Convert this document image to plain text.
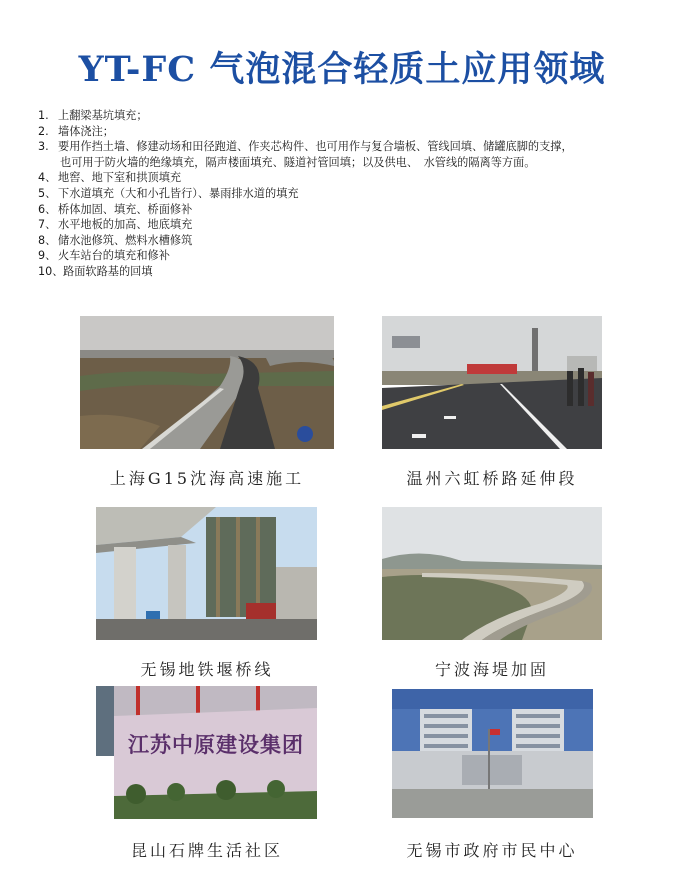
YT-FC 气泡混合轻质土应用领域
1. 上翻梁基坑填充；
2. 墙体浇注；
3. 要用作挡土墙、修建动场和田径跑道、作夹芯构件、也可用作与复合墙板、管线回填、储罐底脚的支撑，
也可用于防火墙的绝缘填充，隔声楼面填充、隧道衬管回填；以及供电、　水管线的隔离等方面。
4、 地窖、地下室和拱顶填充
5、 下水道填充（大和小孔皆行）、暴雨排水道的填充
6、 桥体加固、填充、桥面修补
7、 水平地板的加高、地底填充
8、 储水池修筑、燃料水槽修筑
9、 火车站台的填充和修补
10、路面软路基的回填
上海G15沈海高速施工	温州六虹桥路延伸段
无锡地铁堰桥线	宁波海堤加固
江苏中原建设集团
昆山石牌生活社区	无锡市政府市民中心
